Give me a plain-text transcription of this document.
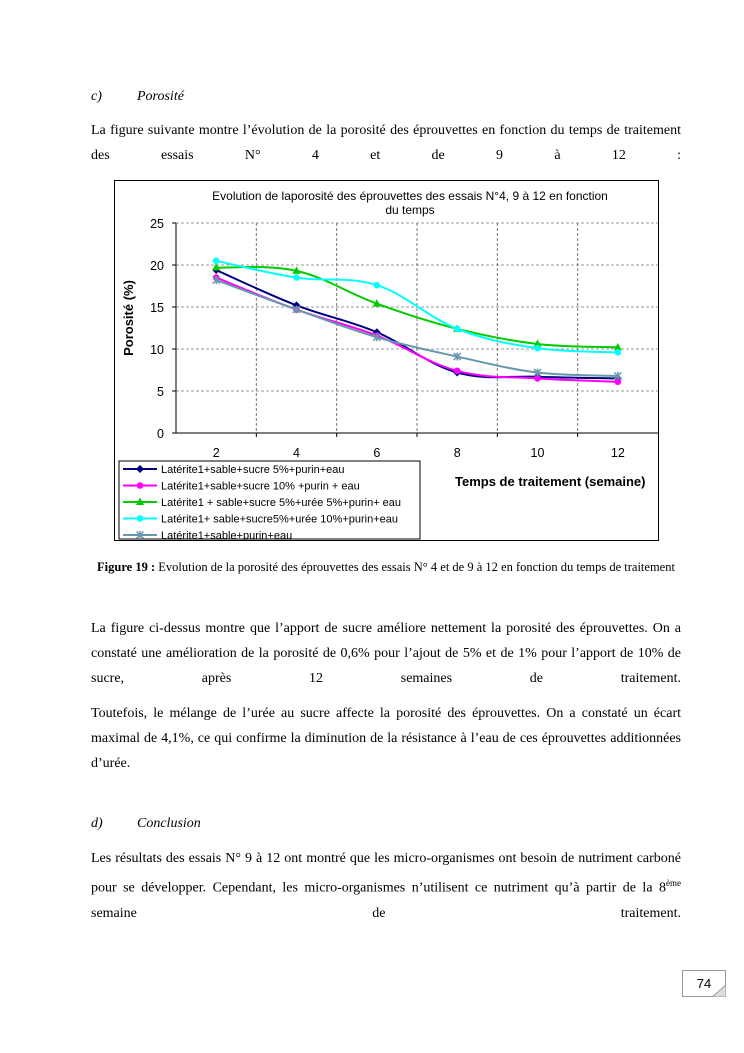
c)	Porosité
La figure suivante montre l’évolution de la porosité des éprouvettes en fonction du temps de traitement des essais N° 4 et de 9 à 12 :
Evolution de laporosité des éprouvettes des essais N°4, 9 à 12 en fonction
du temps
0
5
10
15
20
25
2	4	6	8	10	12
Porosité (%)
Temps de traitement (semaine)
Latérite1+sable+sucre 5%+purin+eau
Latérite1+sable+sucre 10% +purin + eau
Latérite1 + sable+sucre 5%+urée 5%+purin+ eau
Latérite1+ sable+sucre5%+urée 10%+purin+eau
Latérite1+sable+purin+eau
Figure 19 : Evolution de la porosité des éprouvettes des essais N° 4 et de 9 à 12 en fonction du temps de traitement
La figure ci-dessus montre que l’apport de sucre améliore nettement la porosité des éprouvettes. On a constaté une amélioration de la porosité de 0,6% pour l’ajout de 5% et de 1% pour l’apport de 10% de sucre, après 12 semaines de traitement.
Toutefois, le mélange de l’urée au sucre affecte la porosité des éprouvettes. On a constaté un écart maximal de 4,1%, ce qui confirme la diminution de la résistance à l’eau de ces éprouvettes additionnées d’urée.
d) Conclusion
Les résultats des essais N° 9 à 12 ont montré que les micro-organismes ont besoin de nutriment carboné pour se développer. Cependant, les micro-organismes n’utilisent ce nutriment qu’à partir de la 8ème semaine de traitement.
74
